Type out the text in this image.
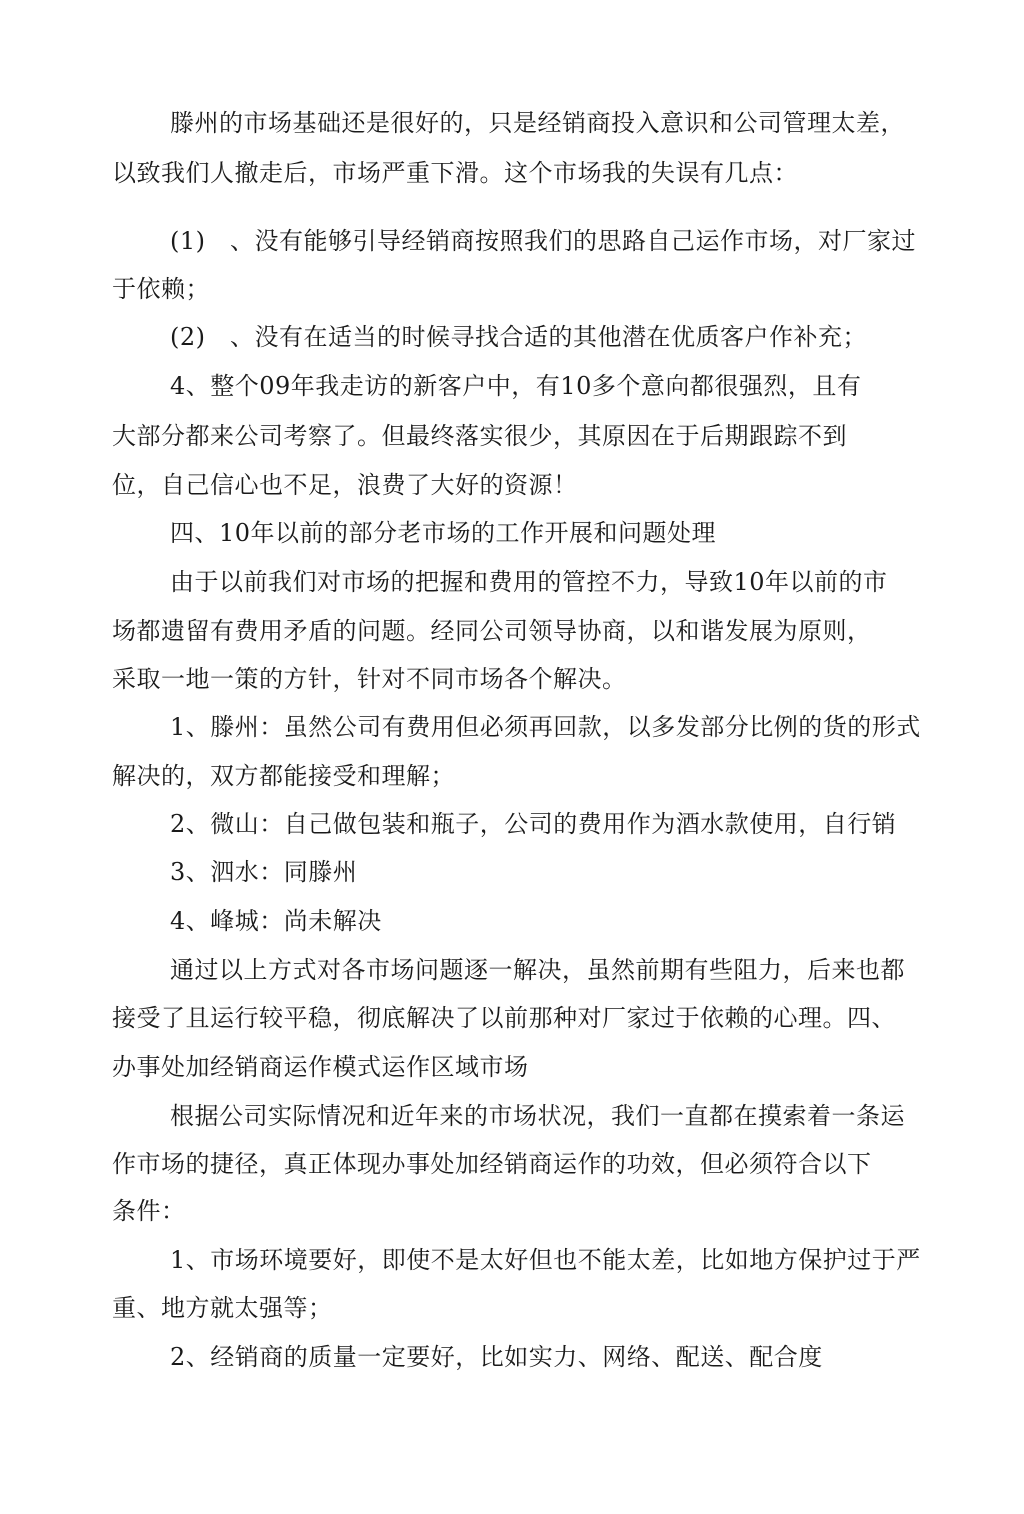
滕州的市场基础还是很好的，只是经销商投入意识和公司管理太差，
以致我们人撤走后，市场严重下滑。这个市场我的失误有几点：
(1)　、没有能够引导经销商按照我们的思路自己运作市场，对厂家过
于依赖；
(2)　、没有在适当的时候寻找合适的其他潜在优质客户作补充；
4、整个09年我走访的新客户中，有10多个意向都很强烈，且有
大部分都来公司考察了。但最终落实很少，其原因在于后期跟踪不到
位，自己信心也不足，浪费了大好的资源！
四、10年以前的部分老市场的工作开展和问题处理
由于以前我们对市场的把握和费用的管控不力，导致10年以前的市
场都遗留有费用矛盾的问题。经同公司领导协商，以和谐发展为原则，
采取一地一策的方针，针对不同市场各个解决。
1、滕州：虽然公司有费用但必须再回款，以多发部分比例的货的形式
解决的，双方都能接受和理解；
2、微山：自己做包装和瓶子，公司的费用作为酒水款使用，自行销
3、泗水：同滕州
4、峰城：尚未解决
通过以上方式对各市场问题逐一解决，虽然前期有些阻力，后来也都
接受了且运行较平稳，彻底解决了以前那种对厂家过于依赖的心理。四、
办事处加经销商运作模式运作区域市场
根据公司实际情况和近年来的市场状况，我们一直都在摸索着一条运
作市场的捷径，真正体现办事处加经销商运作的功效，但必须符合以下
条件：
1、市场环境要好，即使不是太好但也不能太差，比如地方保护过于严
重、地方就太强等；
2、经销商的质量一定要好，比如实力、网络、配送、配合度
